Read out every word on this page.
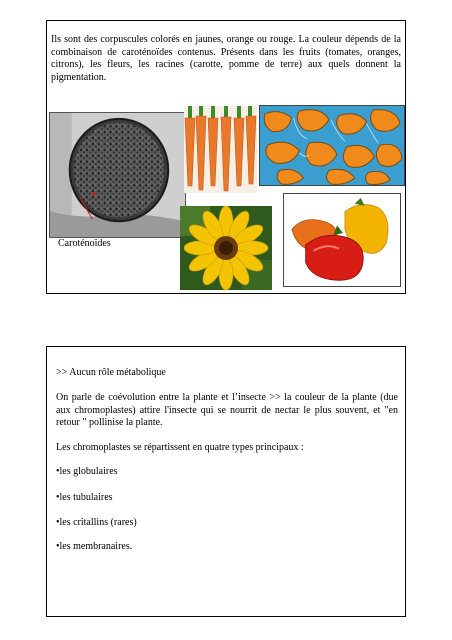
Ils sont des corpuscules colorés en jaunes, orange ou rouge. La couleur dépends de la combinaison de caroténoïdes contenus. Présents dans les fruits (tomates, oranges, citrons), les fleurs, les racines (carotte, pomme de terre) aux quels donnent la pigmentation.

Caroténoïdes

>> Aucun rôle métabolique

On parle de coévolution entre la plante et l’insecte >> la couleur de la plante (due aux chromoplastes) attire l'insecte qui se nourrit de nectar le plus souvent, et "en retour " pollinise la plante.

Les chromoplastes se répartissent en quatre types principaux :

•les globulaires

•les tubulaires

•les critallins (rares)

•les membranaires.
